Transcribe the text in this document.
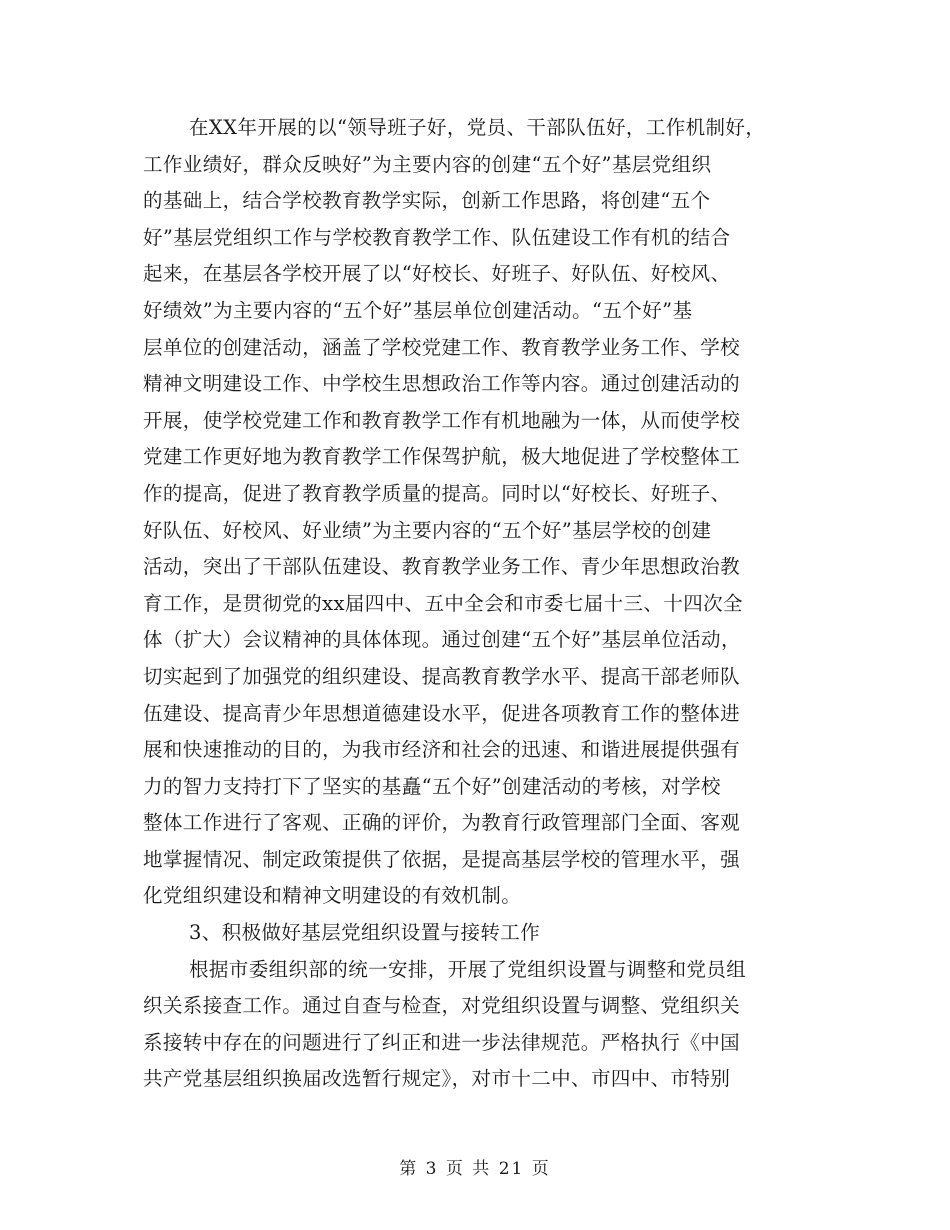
在XX年开展的以“领导班子好，党员、干部队伍好，工作机制好，
工作业绩好，群众反映好”为主要内容的创建“五个好”基层党组织
的基础上，结合学校教育教学实际，创新工作思路，将创建“五个
好”基层党组织工作与学校教育教学工作、队伍建设工作有机的结合
起来，在基层各学校开展了以“好校长、好班子、好队伍、好校风、
好绩效”为主要内容的“五个好”基层单位创建活动。“五个好”基
层单位的创建活动，涵盖了学校党建工作、教育教学业务工作、学校
精神文明建设工作、中学校生思想政治工作等内容。通过创建活动的
开展，使学校党建工作和教育教学工作有机地融为一体，从而使学校
党建工作更好地为教育教学工作保驾护航，极大地促进了学校整体工
作的提高，促进了教育教学质量的提高。同时以“好校长、好班子、
好队伍、好校风、好业绩”为主要内容的“五个好”基层学校的创建
活动，突出了干部队伍建设、教育教学业务工作、青少年思想政治教
育工作，是贯彻党的xx届四中、五中全会和市委七届十三、十四次全
体（扩大）会议精神的具体体现。通过创建“五个好”基层单位活动，
切实起到了加强党的组织建设、提高教育教学水平、提高干部老师队
伍建设、提高青少年思想道德建设水平，促进各项教育工作的整体进
展和快速推动的目的，为我市经济和社会的迅速、和谐进展提供强有
力的智力支持打下了坚实的基矗“五个好”创建活动的考核，对学校
整体工作进行了客观、正确的评价，为教育行政管理部门全面、客观
地掌握情况、制定政策提供了依据，是提高基层学校的管理水平，强
化党组织建设和精神文明建设的有效机制。
3、积极做好基层党组织设置与接转工作
根据市委组织部的统一安排，开展了党组织设置与调整和党员组
织关系接查工作。通过自查与检查，对党组织设置与调整、党组织关
系接转中存在的问题进行了纠正和进一步法律规范。严格执行《中国
共产党基层组织换届改选暂行规定》，对市十二中、市四中、市特别
第 3 页 共 21 页
